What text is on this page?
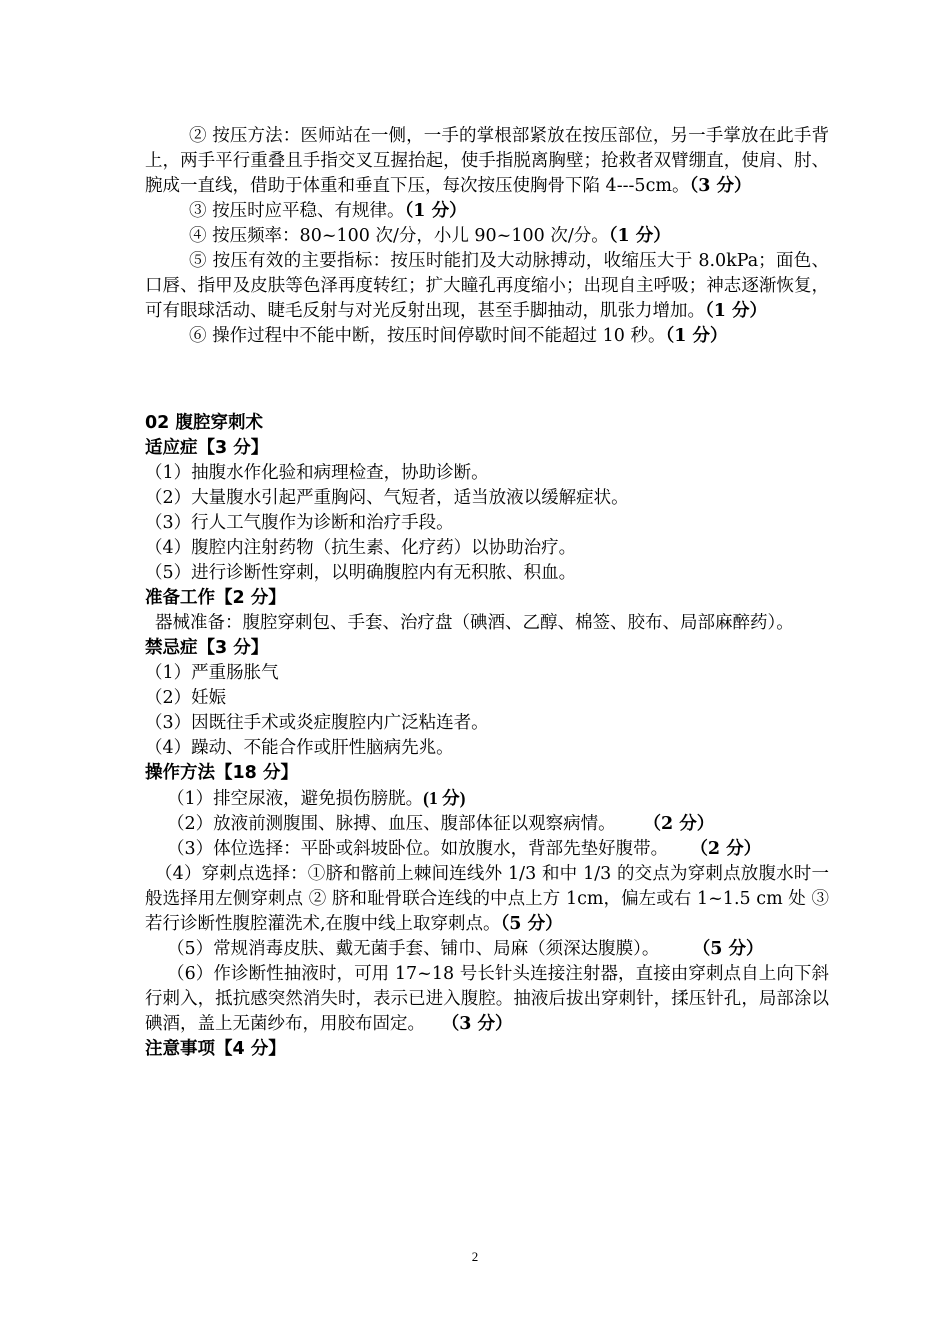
② 按压方法：医师站在一侧，一手的掌根部紧放在按压部位，另一手掌放在此手背上，两手平行重叠且手指交叉互握抬起，使手指脱离胸壁；抢救者双臂绷直，使肩、肘、腕成一直线，借助于体重和垂直下压，每次按压使胸骨下陷 4---5cm。（3 分）

③ 按压时应平稳、有规律。（1 分）

④ 按压频率：80~100 次/分，小儿 90~100 次/分。（1 分）

⑤ 按压有效的主要指标：按压时能扪及大动脉搏动，收缩压大于 8.0kPa；面色、口唇、指甲及皮肤等色泽再度转红；扩大瞳孔再度缩小；出现自主呼吸；神志逐渐恢复，可有眼球活动、睫毛反射与对光反射出现，甚至手脚抽动，肌张力增加。（1 分）

⑥ 操作过程中不能中断，按压时间停歇时间不能超过 10 秒。（1 分）

02 腹腔穿刺术

适应症【3 分】

（1）抽腹水作化验和病理检查，协助诊断。

（2）大量腹水引起严重胸闷、气短者，适当放液以缓解症状。

（3）行人工气腹作为诊断和治疗手段。

（4）腹腔内注射药物（抗生素、化疗药）以协助治疗。

（5）进行诊断性穿刺，以明确腹腔内有无积脓、积血。

准备工作【2 分】

器械准备：腹腔穿刺包、手套、治疗盘（碘酒、乙醇、棉签、胶布、局部麻醉药）。

禁忌症【3 分】

（1）严重肠胀气

（2）妊娠

（3）因既往手术或炎症腹腔内广泛粘连者。

（4）躁动、不能合作或肝性脑病先兆。

操作方法【18 分】

（1）排空尿液，避免损伤膀胱。(1 分)

（2）放液前测腹围、脉搏、血压、腹部体征以观察病情。 （2 分）

（3）体位选择：平卧或斜坡卧位。如放腹水，背部先垫好腹带。 （2 分）

（4）穿刺点选择：①脐和髂前上棘间连线外 1/3 和中 1/3 的交点为穿刺点放腹水时一般选择用左侧穿刺点 ② 脐和耻骨联合连线的中点上方 1cm，偏左或右 1~1.5 cm 处 ③若行诊断性腹腔灌洗术,在腹中线上取穿刺点。（5 分）

（5）常规消毒皮肤、戴无菌手套、铺巾、局麻（须深达腹膜）。 （5 分）

（6）作诊断性抽液时，可用 17~18 号长针头连接注射器，直接由穿刺点自上向下斜行刺入，抵抗感突然消失时，表示已进入腹腔。抽液后拔出穿刺针，揉压针孔，局部涂以碘酒，盖上无菌纱布，用胶布固定。 （3 分）

注意事项【4 分】

2
